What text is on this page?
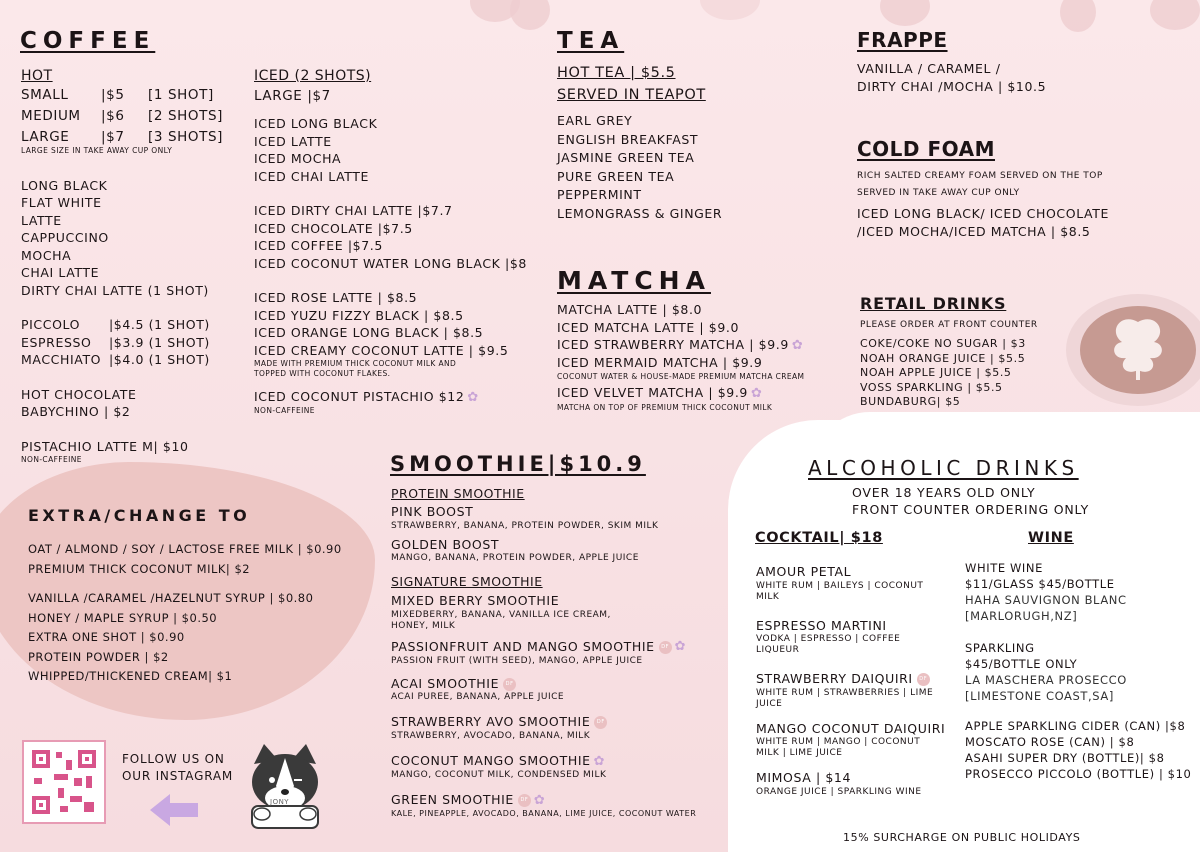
COFFEE
HOT
SMALL	|$5	[1 SHOT]
MEDIUM	|$6	[2 SHOTS]
LARGE	|$7	[3 SHOTS]
LARGE SIZE IN TAKE AWAY CUP ONLY
LONG BLACK
FLAT WHITE
LATTE
CAPPUCCINO
MOCHA
CHAI LATTE
DIRTY CHAI LATTE (1 SHOT)
PICCOLO	|$4.5 (1 SHOT)
ESPRESSO	|$3.9 (1 SHOT)
MACCHIATO |$4.0 (1 SHOT)
HOT CHOCOLATE
BABYCHINO | $2
PISTACHIO LATTE M| $10
NON-CAFFEINE
ICED (2 SHOTS)
LARGE |$7
ICED LONG BLACK
ICED LATTE
ICED MOCHA
ICED CHAI LATTE
ICED DIRTY CHAI LATTE |$7.7
ICED CHOCOLATE |$7.5
ICED COFFEE |$7.5
ICED COCONUT WATER LONG BLACK |$8
ICED ROSE LATTE | $8.5
ICED YUZU FIZZY BLACK | $8.5
ICED ORANGE LONG BLACK | $8.5
ICED CREAMY COCONUT LATTE | $9.5
MADE WITH PREMIUM THICK COCONUT MILK AND
TOPPED WITH COCONUT FLAKES.
ICED COCONUT PISTACHIO $12 ✿
NON-CAFFEINE
TEA
HOT TEA | $5.5
SERVED IN TEAPOT
EARL GREY
ENGLISH BREAKFAST
JASMINE GREEN TEA
PURE GREEN TEA
PEPPERMINT
LEMONGRASS & GINGER
FRAPPE
VANILLA / CARAMEL /
DIRTY CHAI /MOCHA | $10.5
COLD FOAM
RICH SALTED CREAMY FOAM SERVED ON THE TOP
SERVED IN TAKE AWAY CUP ONLY
ICED LONG BLACK/ ICED CHOCOLATE
/ICED MOCHA/ICED MATCHA | $8.5
MATCHA
MATCHA LATTE | $8.0
ICED MATCHA LATTE | $9.0
ICED STRAWBERRY MATCHA | $9.9 ✿
ICED MERMAID MATCHA | $9.9
COCONUT WATER & HOUSE-MADE PREMIUM MATCHA CREAM
ICED VELVET MATCHA | $9.9 ✿
MATCHA ON TOP OF PREMIUM THICK COCONUT MILK
RETAIL DRINKS
PLEASE ORDER AT FRONT COUNTER
COKE/COKE NO SUGAR | $3
NOAH ORANGE JUICE | $5.5
NOAH APPLE JUICE | $5.5
VOSS SPARKLING | $5.5
BUNDABURG| $5
SMOOTHIE|$10.9
PROTEIN SMOOTHIE
PINK BOOST
STRAWBERRY, BANANA, PROTEIN POWDER, SKIM MILK
GOLDEN BOOST
MANGO, BANANA, PROTEIN POWDER, APPLE JUICE
SIGNATURE SMOOTHIE
MIXED BERRY SMOOTHIE
MIXEDBERRY, BANANA, VANILLA ICE CREAM,
HONEY, MILK
PASSIONFRUIT AND MANGO SMOOTHIE DF ✿
PASSION FRUIT (WITH SEED), MANGO, APPLE JUICE
ACAI SMOOTHIE DF
ACAI PUREE, BANANA, APPLE JUICE
STRAWBERRY AVO SMOOTHIE DF
STRAWBERRY, AVOCADO, BANANA, MILK
COCONUT MANGO SMOOTHIE ✿
MANGO, COCONUT MILK, CONDENSED MILK
GREEN SMOOTHIE DF ✿
KALE, PINEAPPLE, AVOCADO, BANANA, LIME JUICE, COCONUT WATER
EXTRA/CHANGE TO
OAT / ALMOND / SOY / LACTOSE FREE MILK | $0.90
PREMIUM THICK COCONUT MILK| $2
VANILLA /CARAMEL /HAZELNUT SYRUP | $0.80
HONEY / MAPLE SYRUP | $0.50
EXTRA ONE SHOT | $0.90
PROTEIN POWDER | $2
WHIPPED/THICKENED CREAM| $1
FOLLOW US ON
OUR INSTAGRAM
JONY
ALCOHOLIC DRINKS
OVER 18 YEARS OLD ONLY
FRONT COUNTER ORDERING ONLY
COCKTAIL| $18
AMOUR PETAL
WHITE RUM | BAILEYS | COCONUT
MILK
ESPRESSO MARTINI
VODKA | ESPRESSO | COFFEE
LIQUEUR
STRAWBERRY DAIQUIRI DF
WHITE RUM | STRAWBERRIES | LIME
JUICE
MANGO COCONUT DAIQUIRI
WHITE RUM | MANGO | COCONUT
MILK | LIME JUICE
MIMOSA | $14
ORANGE JUICE | SPARKLING WINE
WINE
WHITE WINE
$11/GLASS $45/BOTTLE
HAHA SAUVIGNON BLANC
[MARLORUGH,NZ]
SPARKLING
$45/BOTTLE ONLY
LA MASCHERA PROSECCO
[LIMESTONE COAST,SA]
APPLE SPARKLING CIDER (CAN) |$8
MOSCATO ROSE (CAN) | $8
ASAHI SUPER DRY (BOTTLE)| $8
PROSECCO PICCOLO (BOTTLE) | $10
15% SURCHARGE ON PUBLIC HOLIDAYS
